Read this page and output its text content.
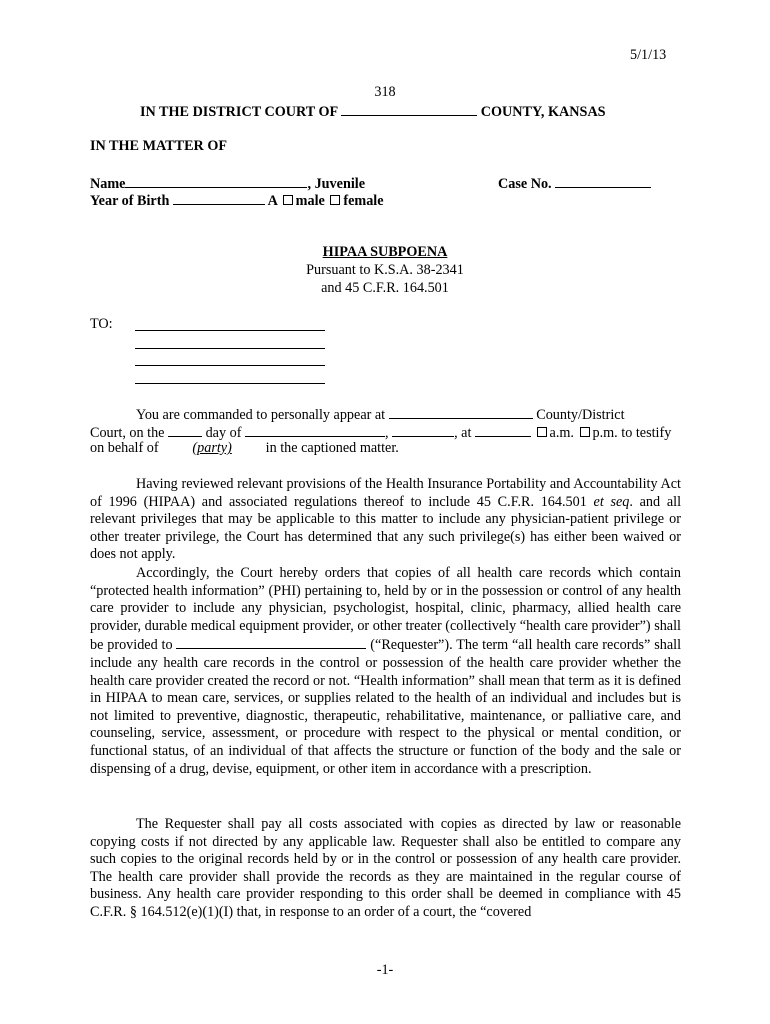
5/1/13
318
IN THE DISTRICT COURT OF	COUNTY, KANSAS
IN THE MATTER OF
Name	, Juvenile	Case No.
Year of Birth	A male female
HIPAA SUBPOENA
Pursuant to K.S.A. 38-2341
and 45 C.F.R. 164.501
TO:
You are commanded to personally appear at	County/District
Court, on the	day of	,	, at	a.m. p.m. to testify
on behalf of (party) in the captioned matter.

Having reviewed relevant provisions of the Health Insurance Portability and Accountability Act of 1996 (HIPAA) and associated regulations thereof to include 45 C.F.R. 164.501 et seq. and all relevant privileges that may be applicable to this matter to include any physician-patient privilege or other treater privilege, the Court has determined that any such privilege(s) has either been waived or does not apply.

Accordingly, the Court hereby orders that copies of all health care records which contain “protected health information” (PHI) pertaining to, held by or in the possession or control of any health care provider to include any physician, psychologist, hospital, clinic, pharmacy, allied health care provider, durable medical equipment provider, or other treater (collectively “health care provider”) shall be provided to	(“Requester”). The term “all health care records” shall include any health care records in the control or possession of the health care provider whether the health care provider created the record or not. “Health information” shall mean that term as it is defined in HIPAA to mean care, services, or supplies related to the health of an individual and includes but is not limited to preventive, diagnostic, therapeutic, rehabilitative, maintenance, or palliative care, and counseling, service, assessment, or procedure with respect to the physical or mental condition, or functional status, of an individual of that affects the structure or function of the body and the sale or dispensing of a drug, devise, equipment, or other item in accordance with a prescription.

The Requester shall pay all costs associated with copies as directed by law or reasonable copying costs if not directed by any applicable law. Requester shall also be entitled to compare any such copies to the original records held by or in the control or possession of any health care provider. The health care provider shall provide the records as they are maintained in the regular course of business. Any health care provider responding to this order shall be deemed in compliance with 45 C.F.R. § 164.512(e)(1)(I) that, in response to an order of a court, the “covered

-1-
